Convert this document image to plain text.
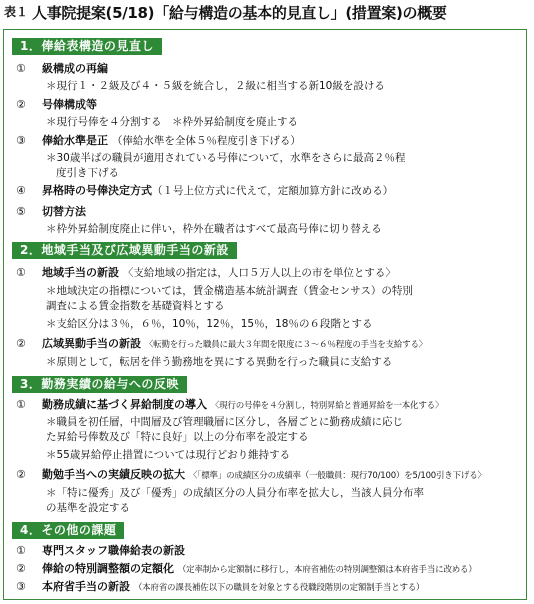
表１ 人事院提案(5/18)「給与構造の基本的見直し」(措置案)の概要
1．俸給表構造の見直し
① 級構成の再編
＊現行１・２級及び４・５級を統合し，２級に相当する新10級を設ける
② 号俸構成等
＊現行号俸を４分割する　＊枠外昇給制度を廃止する
③ 俸給水準是正 （俸給水準を全体５％程度引き下げる）
＊30歳半ばの職員が適用されている号俸について，水準をさらに最高２％程
度引き下げる
④ 昇格時の号俸決定方式（１号上位方式に代えて，定額加算方針に改める）
⑤ 切替方法
＊枠外昇給制度廃止に伴い，枠外在職者はすべて最高号俸に切り替える
2．地域手当及び広域異動手当の新設
① 地域手当の新設 〈支給地域の指定は，人口５万人以上の市を単位とする〉
＊地域決定の指標については，賃金構造基本統計調査（賃金センサス）の特別
調査による賃金指数を基礎資料とする
＊支給区分は３％，６％，10％，12％，15％，18％の６段階とする
② 広域異動手当の新設 〈転勤を行った職員に最大３年間を限度に３～６％程度の手当を支給する〉
＊原則として，転居を伴う勤務地を異にする異動を行った職員に支給する
3．勤務実績の給与への反映
① 勤務成績に基づく昇給制度の導入 〈現行の号俸を４分割し，特別昇給と普通昇給を一本化する〉
＊職員を初任層，中間層及び管理職層に区分し，各層ごとに勤務成績に応じ
た昇給号俸数及び「特に良好」以上の分布率を設定する
＊55歳昇給停止措置については現行どおり維持する
② 勤勉手当への実績反映の拡大 〈「標準」の成績区分の成績率（一般職員：現行70/100）を5/100引き下げる〉
＊「特に優秀」及び「優秀」の成績区分の人員分布率を拡大し，当該人員分布率
の基準を設定する
4．その他の課題
① 専門スタッフ職俸給表の新設
② 俸給の特別調整額の定額化 （定率制から定額制に移行し，本府省補佐の特別調整額は本府省手当に改める）
③ 本府省手当の新設 （本府省の課長補佐以下の職員を対象とする役職段階別の定額制手当とする）
